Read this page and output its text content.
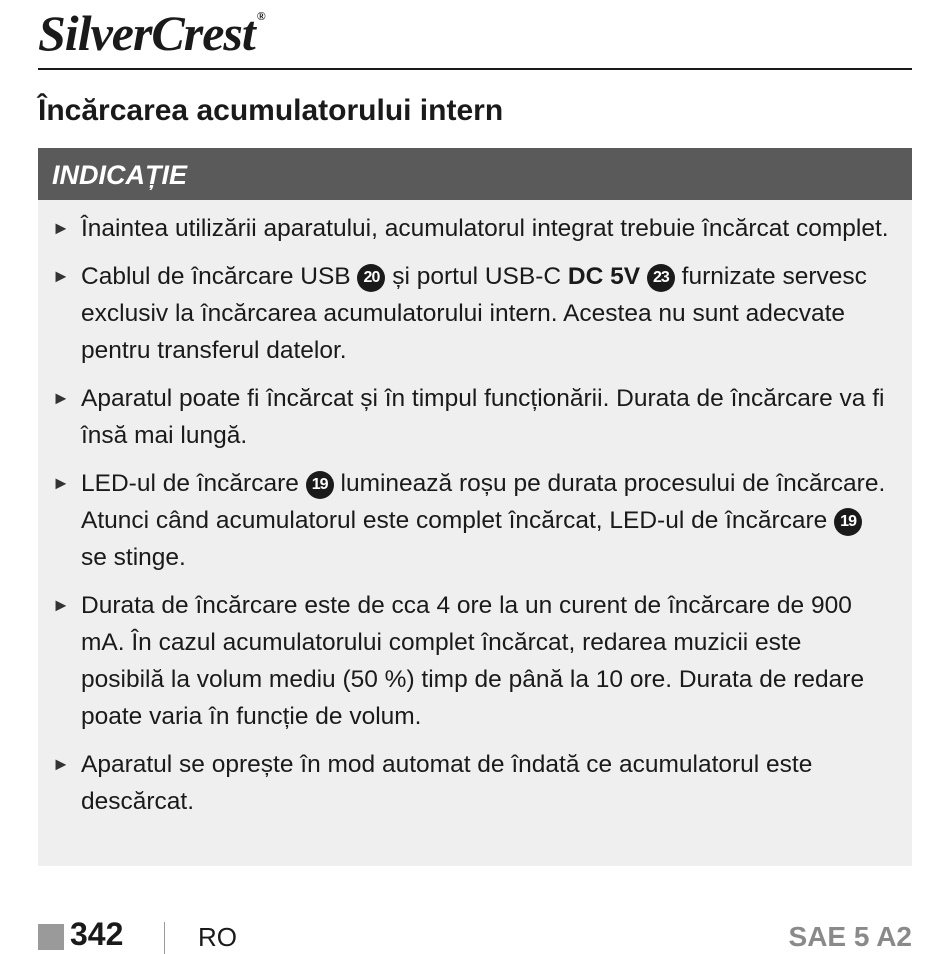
SilverCrest ®
Încărcarea acumulatorului intern
INDICAȚIE
► Înaintea utilizării aparatului, acumulatorul integrat trebuie încărcat complet.
► Cablul de încărcare USB 20 și portul USB-C DC 5V 23 furnizate servesc exclusiv la încărcarea acumulatorului intern. Acestea nu sunt adecvate pentru transferul datelor.
► Aparatul poate fi încărcat și în timpul funcționării. Durata de încărcare va fi însă mai lungă.
► LED-ul de încărcare 19 luminează roșu pe durata procesului de încărcare. Atunci când acumulatorul este complet încărcat, LED-ul de încărcare 19 se stinge.
► Durata de încărcare este de cca 4 ore la un curent de încărcare de 900 mA. În cazul acumulatorului complet încărcat, redarea muzicii este posibilă la volum mediu (50 %) timp de până la 10 ore. Durata de redare poate varia în funcție de volum.
► Aparatul se oprește în mod automat de îndată ce acumulatorul este descărcat.
342	RO	SAE 5 A2
